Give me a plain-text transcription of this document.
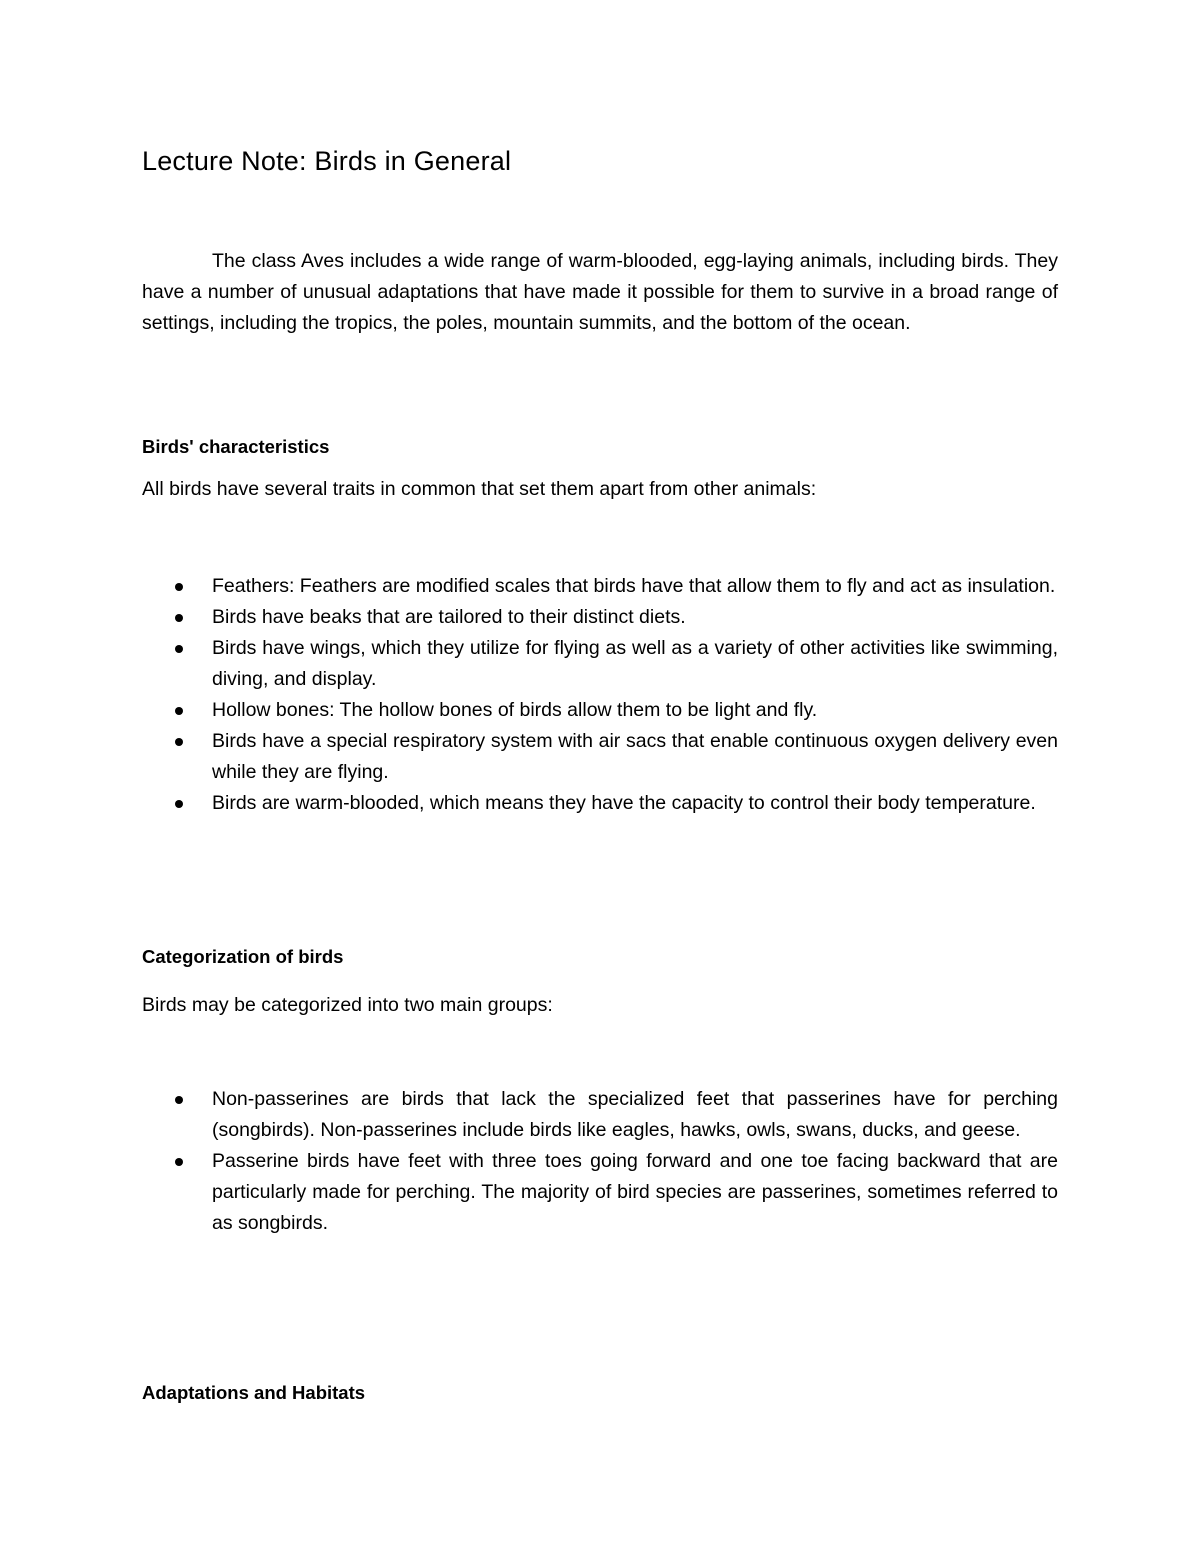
Lecture Note: Birds in General

The class Aves includes a wide range of warm-blooded, egg-laying animals, including birds. They have a number of unusual adaptations that have made it possible for them to survive in a broad range of settings, including the tropics, the poles, mountain summits, and the bottom of the ocean.

Birds' characteristics

All birds have several traits in common that set them apart from other animals:

Feathers: Feathers are modified scales that birds have that allow them to fly and act as insulation.
Birds have beaks that are tailored to their distinct diets.
Birds have wings, which they utilize for flying as well as a variety of other activities like swimming, diving, and display.
Hollow bones: The hollow bones of birds allow them to be light and fly.
Birds have a special respiratory system with air sacs that enable continuous oxygen delivery even while they are flying.
Birds are warm-blooded, which means they have the capacity to control their body temperature.
Categorization of birds

Birds may be categorized into two main groups:

Non-passerines are birds that lack the specialized feet that passerines have for perching (songbirds). Non-passerines include birds like eagles, hawks, owls, swans, ducks, and geese.
Passerine birds have feet with three toes going forward and one toe facing backward that are particularly made for perching. The majority of bird species are passerines, sometimes referred to as songbirds.
Adaptations and Habitats
